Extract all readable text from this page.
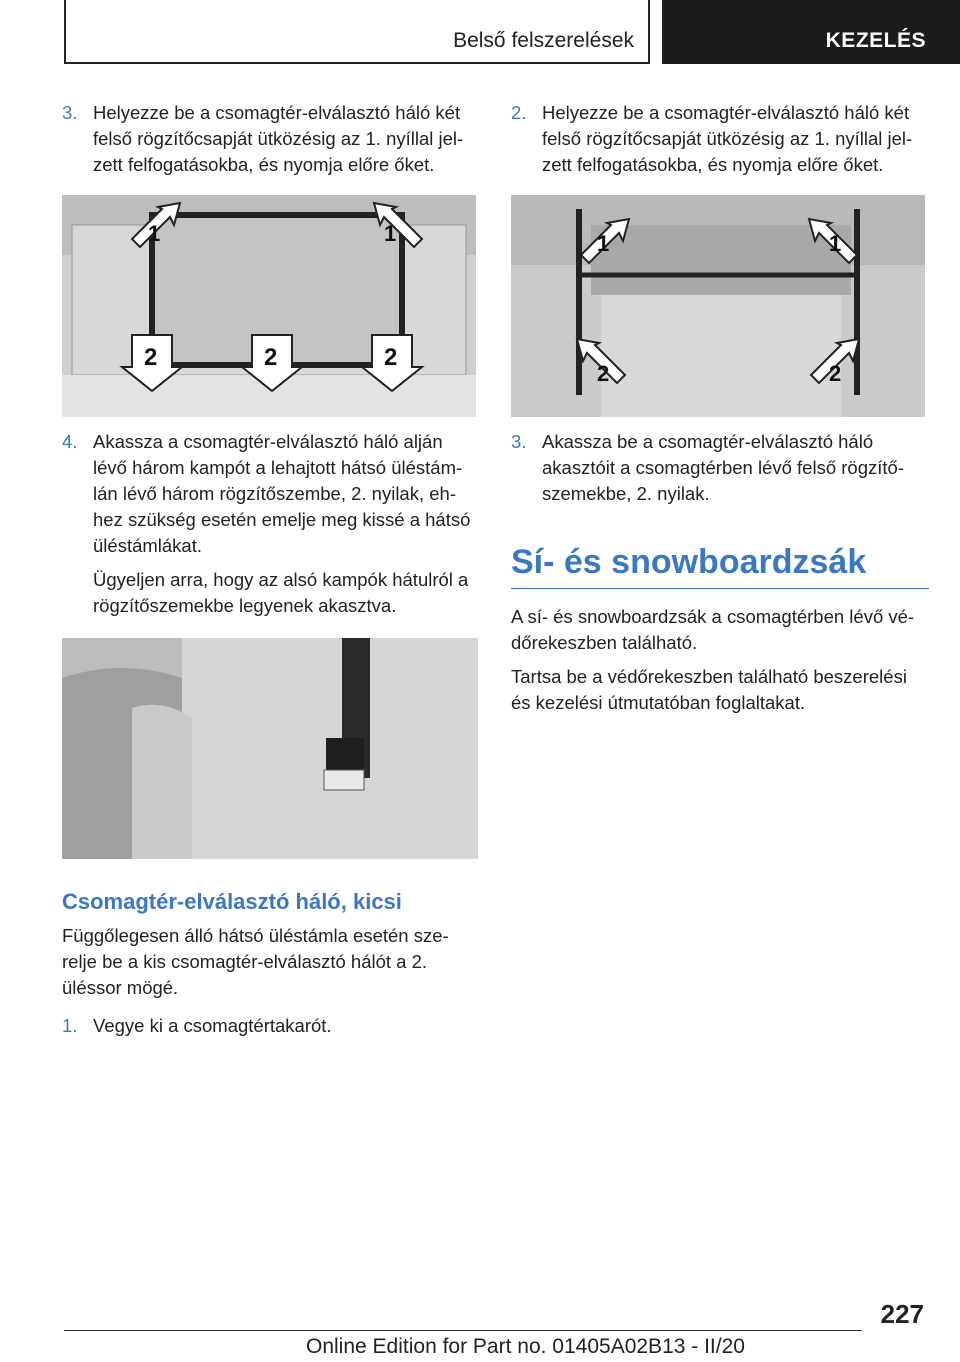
Belső felszerelések	KEZELÉS
3. Helyezze be a csomagtér-elválasztó háló két felső rögzítőcsapját ütközésig az 1. nyíllal jel-zett felfogatásokba, és nyomja előre őket.
1	1
2	2	2
4. Akassza a csomagtér-elválasztó háló alján lévő három kampót a lehajtott hátsó üléstám-lán lévő három rögzítőszembe, 2. nyilak, eh-hez szükség esetén emelje meg kissé a hátsó üléstámlákat.
Ügyeljen arra, hogy az alsó kampók hátulról a rögzítőszemekbe legyenek akasztva.
Csomagtér-elválasztó háló, kicsi
Függőlegesen álló hátsó üléstámla esetén sze-relje be a kis csomagtér-elválasztó hálót a 2. üléssor mögé.
1. Vegye ki a csomagtértakarót.
2. Helyezze be a csomagtér-elválasztó háló két felső rögzítőcsapját ütközésig az 1. nyíllal jel-zett felfogatásokba, és nyomja előre őket.
1	1
2	2
3. Akassza be a csomagtér-elválasztó háló akasztóit a csomagtérben lévő felső rögzítő-szemekbe, 2. nyilak.
Sí- és snowboardzsák
A sí- és snowboardzsák a csomagtérben lévő vé-dőrekeszben található.
Tartsa be a védőrekeszben található beszerelési és kezelési útmutatóban foglaltakat.
227
Online Edition for Part no. 01405A02B13 - II/20
